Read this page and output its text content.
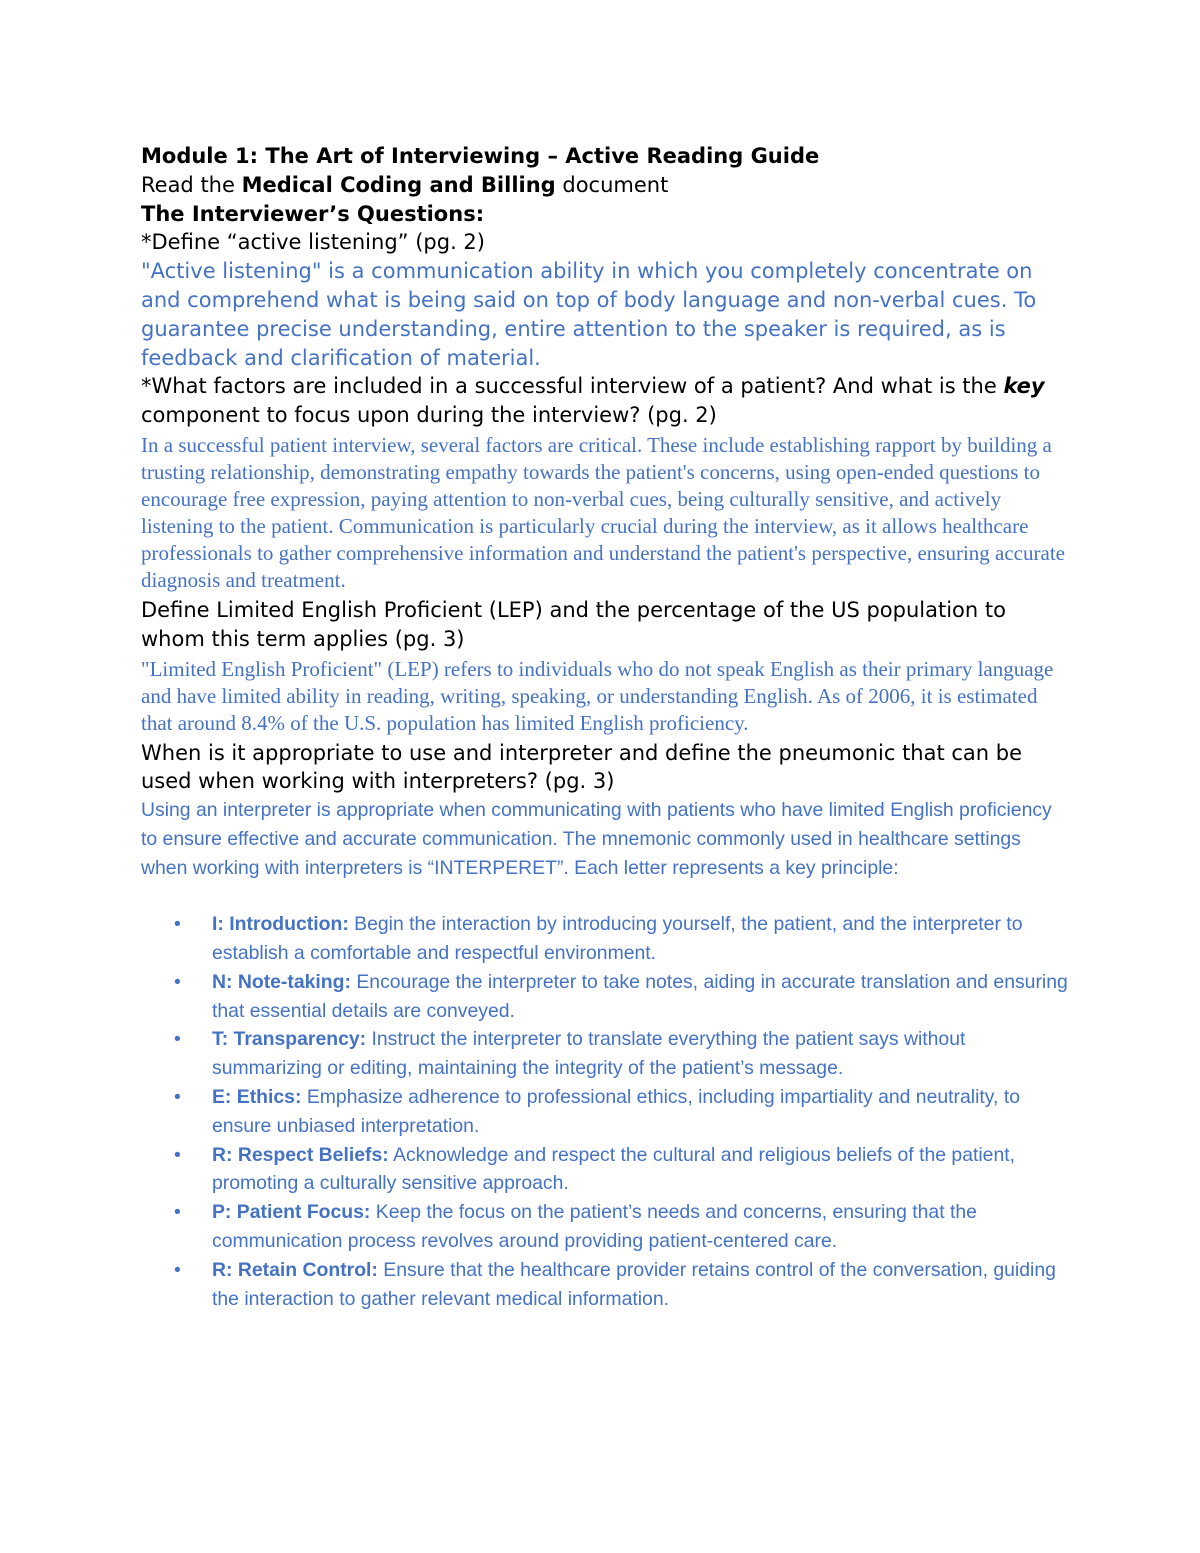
Module 1: The Art of Interviewing – Active Reading Guide

Read the Medical Coding and Billing document

The Interviewer’s Questions:

*Define “active listening” (pg. 2)

"Active listening" is a communication ability in which you completely concentrate on and comprehend what is being said on top of body language and non-verbal cues. To guarantee precise understanding, entire attention to the speaker is required, as is feedback and clarification of material.

*What factors are included in a successful interview of a patient? And what is the key component to focus upon during the interview? (pg. 2)

In a successful patient interview, several factors are critical. These include establishing rapport by building a trusting relationship, demonstrating empathy towards the patient's concerns, using open-ended questions to encourage free expression, paying attention to non-verbal cues, being culturally sensitive, and actively listening to the patient. Communication is particularly crucial during the interview, as it allows healthcare professionals to gather comprehensive information and understand the patient's perspective, ensuring accurate diagnosis and treatment.

Define Limited English Proficient (LEP) and the percentage of the US population to whom this term applies (pg. 3)

"Limited English Proficient" (LEP) refers to individuals who do not speak English as their primary language and have limited ability in reading, writing, speaking, or understanding English. As of 2006, it is estimated that around 8.4% of the U.S. population has limited English proficiency.

When is it appropriate to use and interpreter and define the pneumonic that can be used when working with interpreters? (pg. 3)

Using an interpreter is appropriate when communicating with patients who have limited English proficiency to ensure effective and accurate communication. The mnemonic commonly used in healthcare settings when working with interpreters is “INTERPERET”. Each letter represents a key principle:

• I: Introduction: Begin the interaction by introducing yourself, the patient, and the interpreter to establish a comfortable and respectful environment.
• N: Note-taking: Encourage the interpreter to take notes, aiding in accurate translation and ensuring that essential details are conveyed.
• T: Transparency: Instruct the interpreter to translate everything the patient says without summarizing or editing, maintaining the integrity of the patient’s message.
• E: Ethics: Emphasize adherence to professional ethics, including impartiality and neutrality, to ensure unbiased interpretation.
• R: Respect Beliefs: Acknowledge and respect the cultural and religious beliefs of the patient, promoting a culturally sensitive approach.
• P: Patient Focus: Keep the focus on the patient’s needs and concerns, ensuring that the communication process revolves around providing patient-centered care.
• R: Retain Control: Ensure that the healthcare provider retains control of the conversation, guiding the interaction to gather relevant medical information.
